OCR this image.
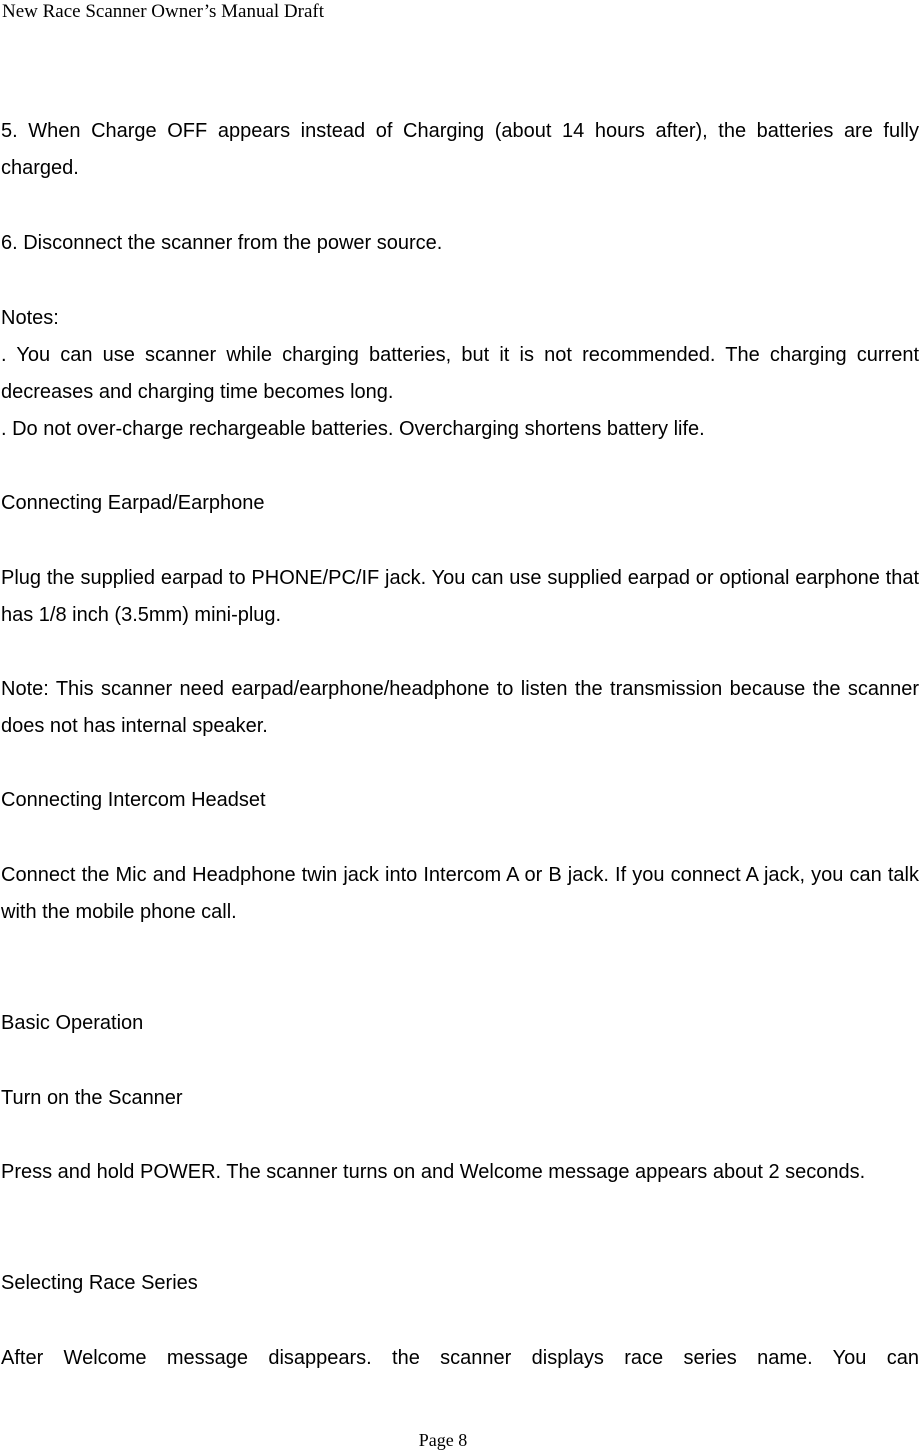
New Race Scanner Owner’s Manual Draft
5. When Charge OFF appears instead of Charging (about 14 hours after), the batteries are fully charged.
6. Disconnect the scanner from the power source.
Notes:
. You can use scanner while charging batteries, but it is not recommended. The charging current decreases and charging time becomes long.
. Do not over-charge rechargeable batteries. Overcharging shortens battery life.
Connecting Earpad/Earphone
Plug the supplied earpad to PHONE/PC/IF jack. You can use supplied earpad or optional earphone that has 1/8 inch (3.5mm) mini-plug.
Note: This scanner need earpad/earphone/headphone to listen the transmission because the scanner does not has internal speaker.
Connecting Intercom Headset
Connect the Mic and Headphone twin jack into Intercom A or B jack. If you connect A jack, you can talk with the mobile phone call.
Basic Operation
Turn on the Scanner
Press and hold POWER. The scanner turns on and Welcome message appears about 2 seconds.
Selecting Race Series
After Welcome message disappears. the scanner displays race series name. You can
Page 8
